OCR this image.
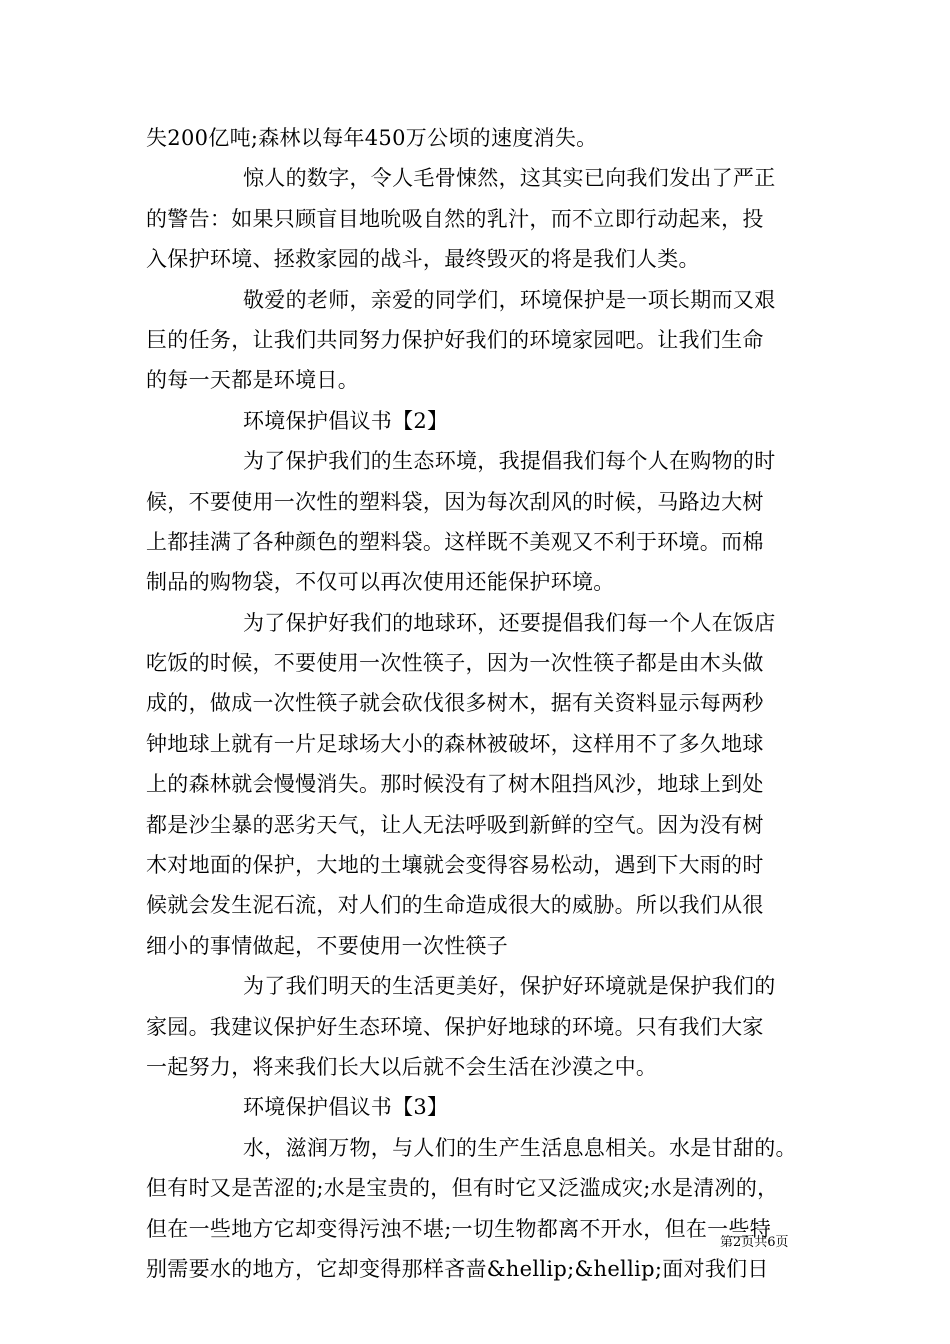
失200亿吨;森林以每年450万公顷的速度消失。
惊人的数字，令人毛骨悚然，这其实已向我们发出了严正
的警告：如果只顾盲目地吮吸自然的乳汁，而不立即行动起来，投
入保护环境、拯救家园的战斗，最终毁灭的将是我们人类。
敬爱的老师，亲爱的同学们，环境保护是一项长期而又艰
巨的任务，让我们共同努力保护好我们的环境家园吧。让我们生命
的每一天都是环境日。
环境保护倡议书【2】
为了保护我们的生态环境，我提倡我们每个人在购物的时
候，不要使用一次性的塑料袋，因为每次刮风的时候，马路边大树
上都挂满了各种颜色的塑料袋。这样既不美观又不利于环境。而棉
制品的购物袋，不仅可以再次使用还能保护环境。
为了保护好我们的地球环，还要提倡我们每一个人在饭店
吃饭的时候，不要使用一次性筷子，因为一次性筷子都是由木头做
成的，做成一次性筷子就会砍伐很多树木，据有关资料显示每两秒
钟地球上就有一片足球场大小的森林被破坏，这样用不了多久地球
上的森林就会慢慢消失。那时候没有了树木阻挡风沙，地球上到处
都是沙尘暴的恶劣天气，让人无法呼吸到新鲜的空气。因为没有树
木对地面的保护，大地的土壤就会变得容易松动，遇到下大雨的时
候就会发生泥石流，对人们的生命造成很大的威胁。所以我们从很
细小的事情做起，不要使用一次性筷子
为了我们明天的生活更美好，保护好环境就是保护我们的
家园。我建议保护好生态环境、保护好地球的环境。只有我们大家
一起努力，将来我们长大以后就不会生活在沙漠之中。
环境保护倡议书【3】
水，滋润万物，与人们的生产生活息息相关。水是甘甜的。
但有时又是苦涩的;水是宝贵的，但有时它又泛滥成灾;水是清冽的，
但在一些地方它却变得污浊不堪;一切生物都离不开水，但在一些特
别需要水的地方，它却变得那样吝啬&hellip;&hellip;面对我们日
第2页共6页
